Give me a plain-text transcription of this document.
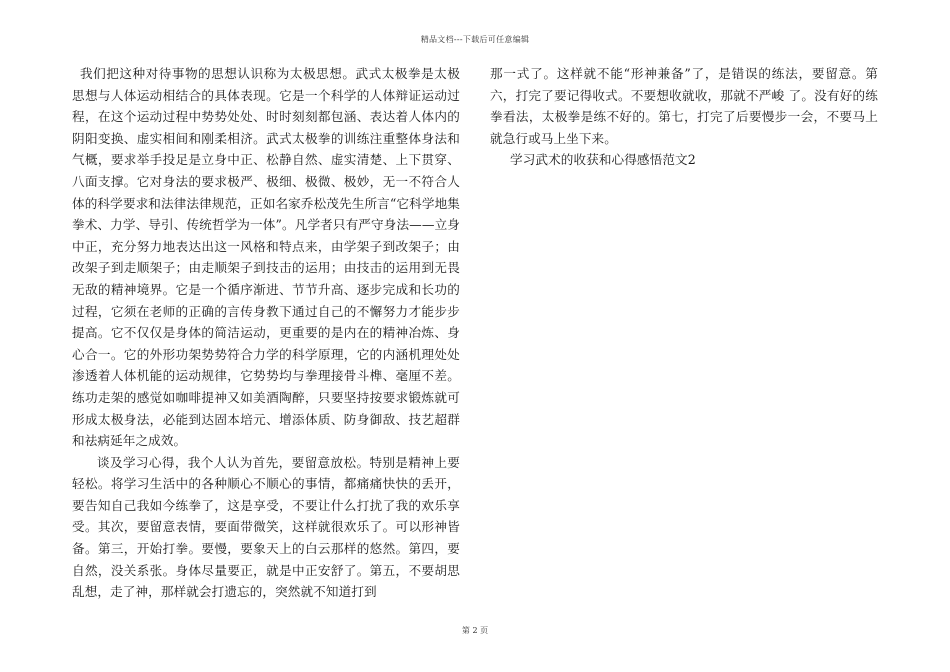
精品文档---下载后可任意编辑

我们把这种对待事物的思想认识称为太极思想。武式太极拳是太极思想与人体运动相结合的具体表现。它是一个科学的人体辩证运动过程，在这个运动过程中势势处处、时时刻刻都包涵、表达着人体内的阴阳变换、虚实相间和刚柔相济。武式太极拳的训练注重整体身法和气概，要求举手投足是立身中正、松静自然、虚实清楚、上下贯穿、八面支撑。它对身法的要求极严、极细、极微、极妙，无一不符合人体的科学要求和法律法律规范，正如名家乔松茂先生所言“它科学地集拳术、力学、导引、传统哲学为一体”。凡学者只有严守身法——立身中正，充分努力地表达出这一风格和特点来，由学架子到改架子；由改架子到走顺架子；由走顺架子到技击的运用；由技击的运用到无畏无敌的精神境界。它是一个循序渐进、节节升高、逐步完成和长功的过程，它须在老师的正确的言传身教下通过自己的不懈努力才能步步提高。它不仅仅是身体的简洁运动，更重要的是内在的精神冶炼、身心合一。它的外形功架势势符合力学的科学原理，它的内涵机理处处渗透着人体机能的运动规律，它势势均与拳理接骨斗榫、毫厘不差。练功走架的感觉如咖啡提神又如美酒陶醉，只要坚持按要求锻炼就可形成太极身法，必能到达固本培元、增添体质、防身御敌、技艺超群和祛病延年之成效。

谈及学习心得，我个人认为首先，要留意放松。特别是精神上要轻松。将学习生活中的各种顺心不顺心的事情，都痛痛快快的丢开，要告知自己我如今练拳了，这是享受，不要让什么打扰了我的欢乐享受。其次，要留意表情，要面带微笑，这样就很欢乐了。可以形神皆备。第三，开始打拳。要慢，要象天上的白云那样的悠然。第四，要自然，没关系张。身体尽量要正，就是中正安舒了。第五，不要胡思乱想，走了神，那样就会打遗忘的，突然就不知道打到

那一式了。这样就不能“形神兼备”了，是错误的练法，要留意。第六，打完了要记得收式。不要想收就收，那就不严峻 了。没有好的练拳看法，太极拳是练不好的。第七，打完了后要慢步一会，不要马上就急行或马上坐下来。

学习武术的收获和心得感悟范文2

第 2 页
